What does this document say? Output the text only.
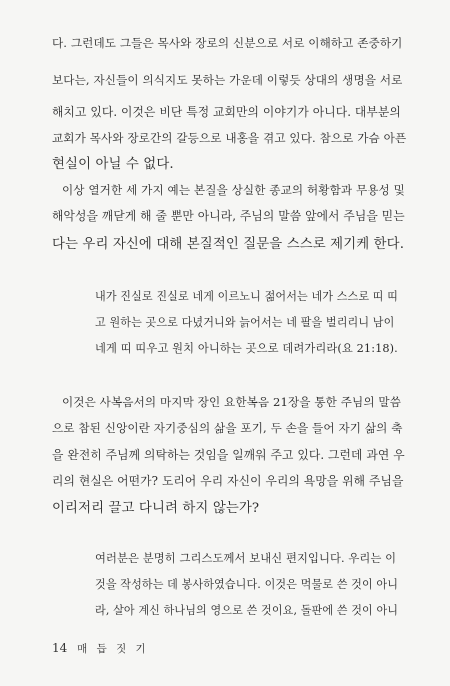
다. 그런데도 그들은 목사와 장로의 신분으로 서로 이해하고 존중하기
보다는, 자신들이 의식지도 못하는 가운데 이렇듯 상대의 생명을 서로
해치고 있다. 이것은 비단 특정 교회만의 이야기가 아니다. 대부분의
교회가 목사와 장로간의 갈등으로 내홍을 겪고 있다. 참으로 가슴 아픈
현실이 아닐 수 없다.
이상 열거한 세 가지 예는 본질을 상실한 종교의 허황함과 무용성 및
해악성을 깨닫게 해 줄 뿐만 아니라, 주님의 말씀 앞에서 주님을 믿는
다는 우리 자신에 대해 본질적인 질문을 스스로 제기케 한다.
내가 진실로 진실로 네게 이르노니 젊어서는 네가 스스로 띠 띠
고 원하는 곳으로 다녔거니와 늙어서는 네 팔을 벌리리니 남이
네게 띠 띠우고 원치 아니하는 곳으로 데려가리라(요 21:18).
이것은 사복음서의 마지막 장인 요한복음 21장을 통한 주님의 말씀
으로 참된 신앙이란 자기중심의 삶을 포기, 두 손을 들어 자기 삶의 축
을 완전히 주님께 의탁하는 것임을 일깨워 주고 있다. 그런데 과연 우
리의 현실은 어떤가? 도리어 우리 자신이 우리의 욕망을 위해 주님을
이리저리 끌고 다니려 하지 않는가?
여러분은 분명히 그리스도께서 보내신 편지입니다. 우리는 이
것을 작성하는 데 봉사하였습니다. 이것은 먹물로 쓴 것이 아니
라, 살아 계신 하나님의 영으로 쓴 것이요, 돌판에 쓴 것이 아니
14 매 듭 짓 기
